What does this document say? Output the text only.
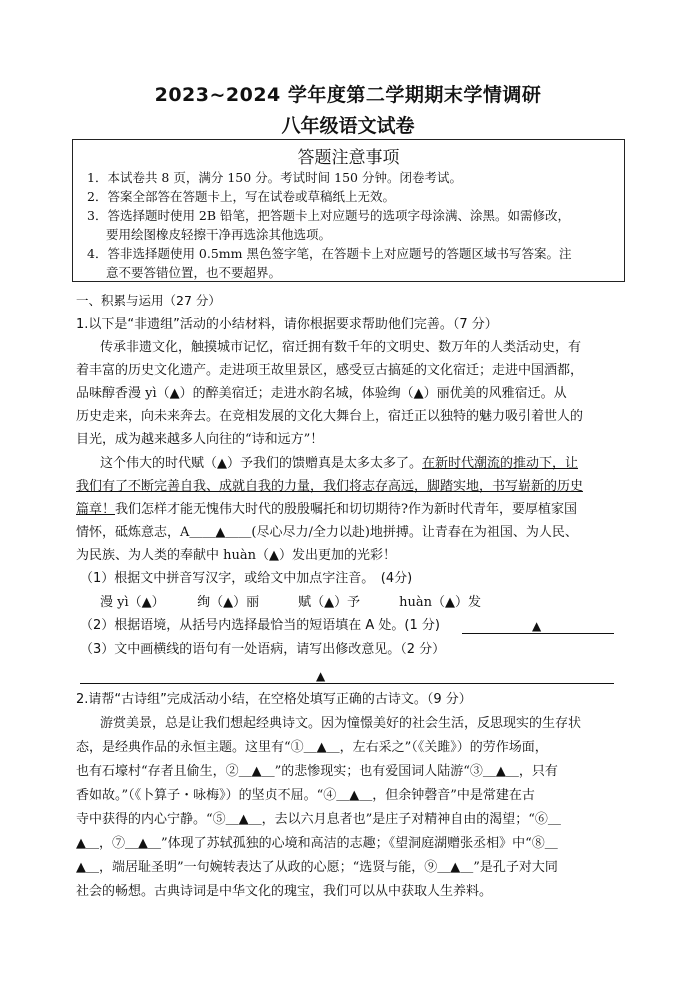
2023~2024 学年度第二学期期末学情调研
八年级语文试卷
答题注意事项
1．本试卷共 8 页，满分 150 分。考试时间 150 分钟。闭卷考试。
2．答案全部答在答题卡上，写在试卷或草稿纸上无效。
3．答选择题时使用 2B 铅笔，把答题卡上对应题号的选项字母涂满、涂黑。如需修改，
要用绘图橡皮轻擦干净再选涂其他选项。
4．答非选择题使用 0.5mm 黑色签字笔，在答题卡上对应题号的答题区域书写答案。注
意不要答错位置，也不要超界。
一、积累与运用（27 分）
1.以下是“非遗组”活动的小结材料，请你根据要求帮助他们完善。（7 分）
传承非遗文化，触摸城市记忆，宿迁拥有数千年的文明史、数万年的人类活动史，有
着丰富的历史文化遗产。走进项王故里景区，感受豆古搞延的文化宿迁；走进中国酒都，
品味醇香漫 yì（▲）的醉美宿迁；走进水韵名城，体验绚（▲）丽优美的风雅宿迁。从
历史走来，向未来奔去。在竞相发展的文化大舞台上，宿迁正以独特的魅力吸引着世人的
目光，成为越来越多人向往的“诗和远方”！
这个伟大的时代赋（▲）予我们的馈赠真是太多太多了。在新时代潮流的推动下，让
我们有了不断完善自我、成就自我的力量，我们将志存高远，脚踏实地，书写崭新的历史
篇章！我们怎样才能无愧伟大时代的殷殷嘱托和切切期待?作为新时代青年，要厚植家国
情怀，砥炼意志，A＿＿▲＿＿(尽心尽力/全力以赴)地拼搏。让青春在为祖国、为人民、
为民族、为人类的奉献中 huàn（▲）发出更加的光彩！
（1）根据文中拼音写汉字，或给文中加点字注音。　(4分)
漫 yì（▲）　　　绚（▲）丽　　　赋（▲）予　　　huàn（▲）发
（2）根据语境，从括号内选择最恰当的短语填在 A 处。(1 分)	▲
（3）文中画横线的语句有一处语病，请写出修改意见。（2 分）
▲
2.请帮“古诗组”完成活动小结，在空格处填写正确的古诗文。（9 分）
游赏美景，总是让我们想起经典诗文。因为憧憬美好的社会生活，反思现实的生存状
态，是经典作品的永恒主题。这里有“①＿▲＿，左右采之”（《关雎》）的劳作场面，
也有石壕村“存者且偷生，②＿▲＿”的悲惨现实；也有爱国词人陆游“③＿▲＿，只有
香如故。”（《卜算子・咏梅》）的坚贞不屈。“④＿▲＿，但余钟磬音”中是常建在古
寺中获得的内心宁静。“⑤＿▲＿，去以六月息者也”是庄子对精神自由的渴望；“⑥＿
▲＿，⑦＿▲＿”体现了苏轼孤独的心境和高洁的志趣；《望洞庭湖赠张丞相》中“⑧＿
▲＿，端居耻圣明”一句婉转表达了从政的心愿；“选贤与能，⑨＿▲＿”是孔子对大同
社会的畅想。古典诗词是中华文化的瑰宝，我们可以从中获取人生养料。
